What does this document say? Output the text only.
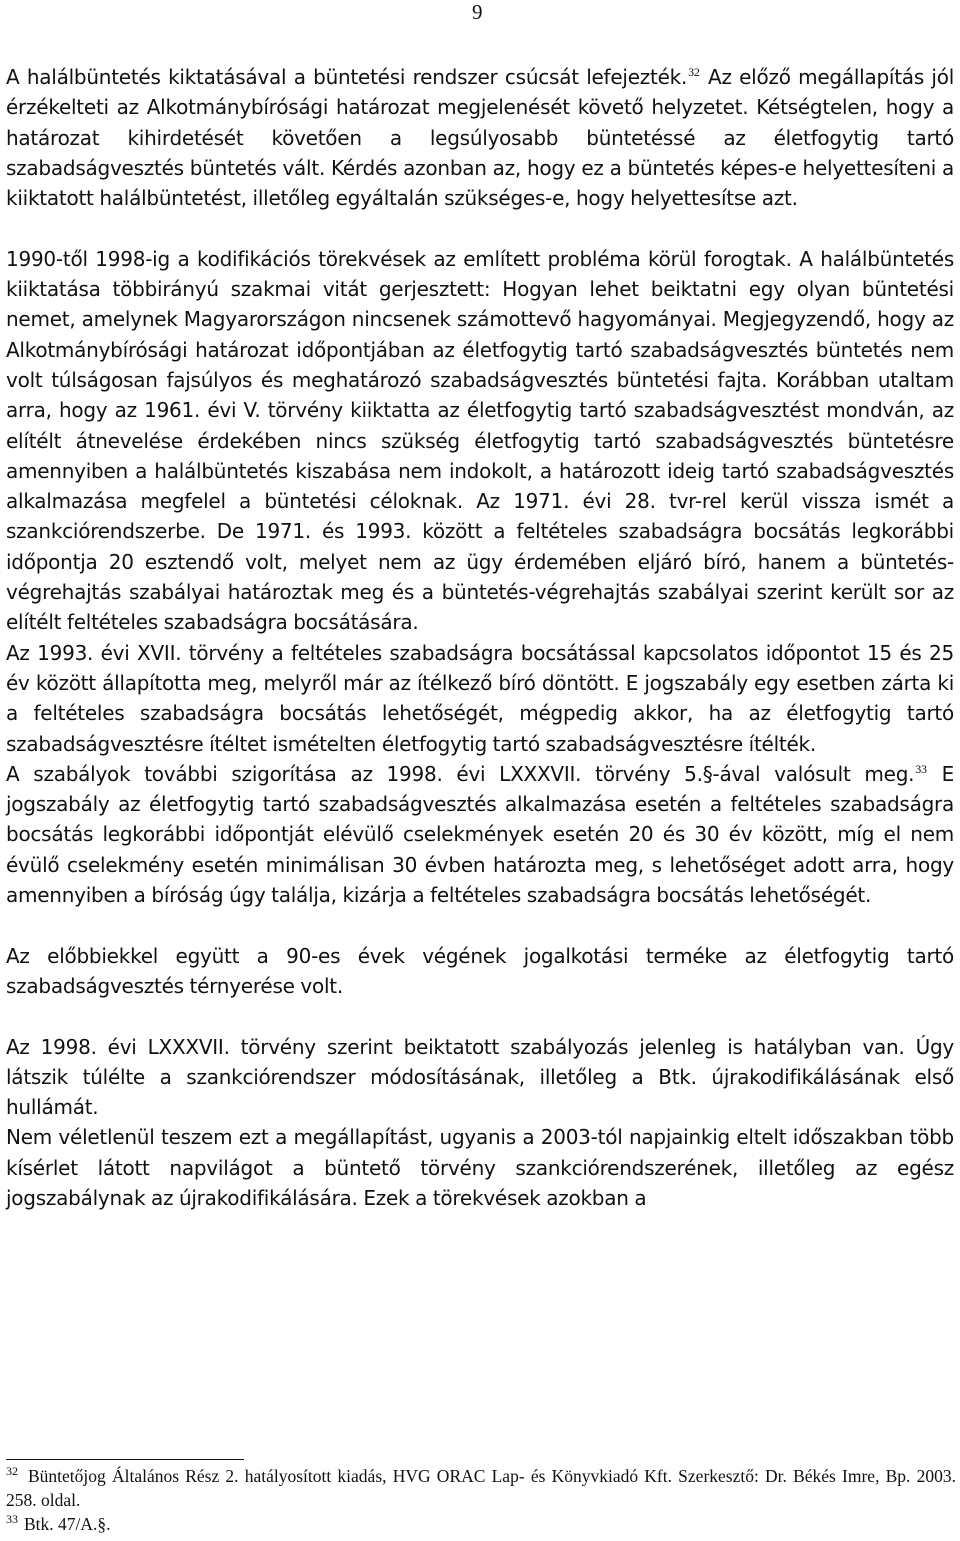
9

A halálbüntetés kiktatásával a büntetési rendszer csúcsát lefejezték.$^{32}$ Az előző megállapítás jól érzékelteti az Alkotmánybírósági határozat megjelenését követő helyzetet. Kétségtelen, hogy a határozat kihirdetését követően a legsúlyosabb büntetéssé az életfogytig tartó szabadságvesztés büntetés vált. Kérdés azonban az, hogy ez a büntetés képes-e helyettesíteni a kiiktatott halálbüntetést, illetőleg egyáltalán szükséges-e, hogy helyettesítse azt.

1990-től 1998-ig a kodifikációs törekvések az említett probléma körül forogtak. A halálbüntetés kiiktatása többirányú szakmai vitát gerjesztett: Hogyan lehet beiktatni egy olyan büntetési nemet, amelynek Magyarországon nincsenek számottevő hagyományai. Megjegyzendő, hogy az Alkotmánybírósági határozat időpontjában az életfogytig tartó szabadságvesztés büntetés nem volt túlságosan fajsúlyos és meghatározó szabadságvesztés büntetési fajta. Korábban utaltam arra, hogy az 1961. évi V. törvény kiiktatta az életfogytig tartó szabadságvesztést mondván, az elítélt átnevelése érdekében nincs szükség életfogytig tartó szabadságvesztés büntetésre amennyiben a halálbüntetés kiszabása nem indokolt, a határozott ideig tartó szabadságvesztés alkalmazása megfelel a büntetési céloknak. Az 1971. évi 28. tvr-rel kerül vissza ismét a szankciórendszerbe. De 1971. és 1993. között a feltételes szabadságra bocsátás legkorábbi időpontja 20 esztendő volt, melyet nem az ügy érdemében eljáró bíró, hanem a büntetés-végrehajtás szabályai határoztak meg és a büntetés-végrehajtás szabályai szerint került sor az elítélt feltételes szabadságra bocsátására.

Az 1993. évi XVII. törvény a feltételes szabadságra bocsátással kapcsolatos időpontot 15 és 25 év között állapította meg, melyről már az ítélkező bíró döntött. E jogszabály egy esetben zárta ki a feltételes szabadságra bocsátás lehetőségét, mégpedig akkor, ha az életfogytig tartó szabadságvesztésre ítéltet ismételten életfogytig tartó szabadságvesztésre ítélték.

A szabályok további szigorítása az 1998. évi LXXXVII. törvény 5.§-ával valósult meg.$^{33}$ E jogszabály az életfogytig tartó szabadságvesztés alkalmazása esetén a feltételes szabadságra bocsátás legkorábbi időpontját elévülő cselekmények esetén 20 és 30 év között, míg el nem évülő cselekmény esetén minimálisan 30 évben határozta meg, s lehetőséget adott arra, hogy amennyiben a bíróság úgy találja, kizárja a feltételes szabadságra bocsátás lehetőségét.

Az előbbiekkel együtt a 90-es évek végének jogalkotási terméke az életfogytig tartó szabadságvesztés térnyerése volt.

Az 1998. évi LXXXVII. törvény szerint beiktatott szabályozás jelenleg is hatályban van. Úgy látszik túlélte a szankciórendszer módosításának, illetőleg a Btk. újrakodifikálásának első hullámát.

Nem véletlenül teszem ezt a megállapítást, ugyanis a 2003-tól napjainkig eltelt időszakban több kísérlet látott napvilágot a büntető törvény szankciórendszerének, illetőleg az egész jogszabálynak az újrakodifikálására. Ezek a törekvések azokban a

$^{32}$ Büntetőjog Általános Rész 2. hatályosított kiadás, HVG ORAC Lap- és Könyvkiadó Kft. Szerkesztő: Dr. Békés Imre, Bp. 2003. 258. oldal.

$^{33}$ Btk. 47/A.§.
